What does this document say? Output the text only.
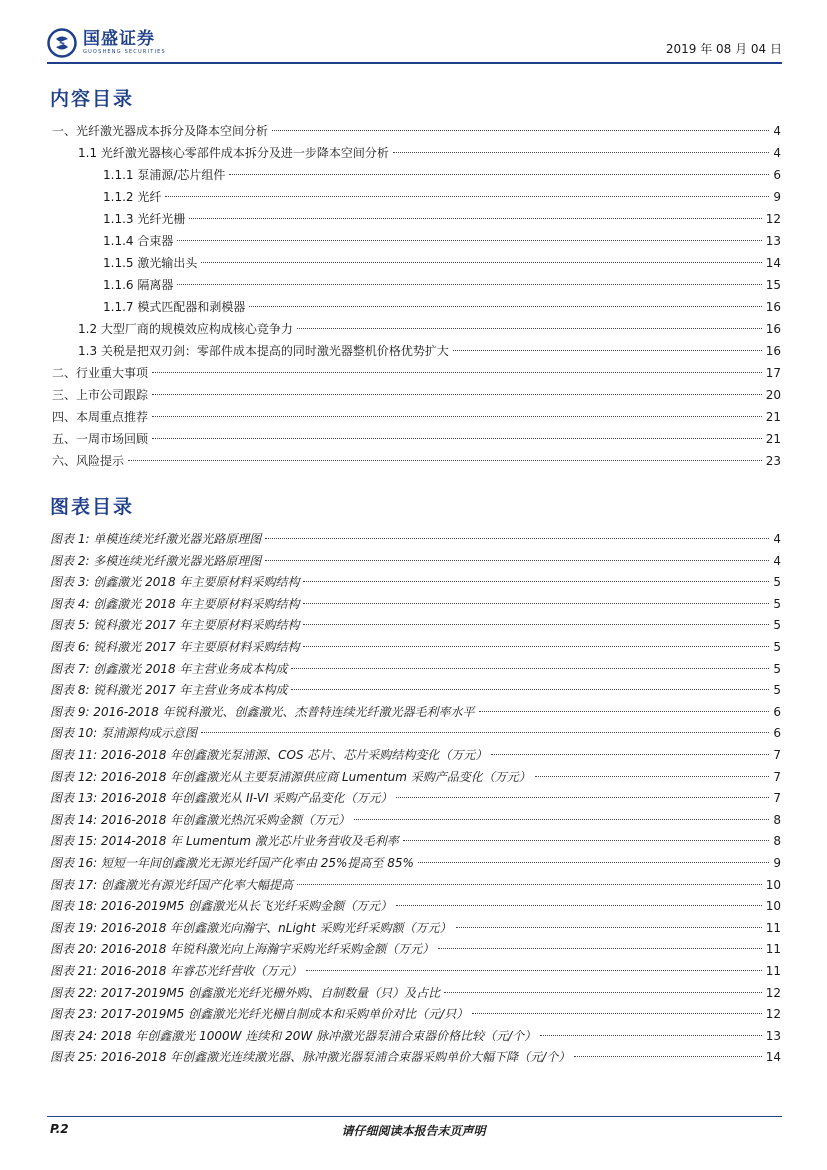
国盛证券
GUOSHENG SECURITIES	2019 年 08 月 04 日
内容目录
一、光纤激光器成本拆分及降本空间分析	4
1.1 光纤激光器核心零部件成本拆分及进一步降本空间分析	4
1.1.1 泵浦源/芯片组件	6
1.1.2 光纤	9
1.1.3 光纤光栅	12
1.1.4 合束器	13
1.1.5 激光输出头	14
1.1.6 隔离器	15
1.1.7 模式匹配器和剥模器	16
1.2 大型厂商的规模效应构成核心竞争力	16
1.3 关税是把双刃剑：零部件成本提高的同时激光器整机价格优势扩大	16
二、行业重大事项	17
三、上市公司跟踪	20
四、本周重点推荐	21
五、一周市场回顾	21
六、风险提示	23
图表目录
图表 1: 单模连续光纤激光器光路原理图	4
图表 2: 多模连续光纤激光器光路原理图	4
图表 3: 创鑫激光 2018 年主要原材料采购结构	5
图表 4: 创鑫激光 2018 年主要原材料采购结构	5
图表 5: 锐科激光 2017 年主要原材料采购结构	5
图表 6: 锐科激光 2017 年主要原材料采购结构	5
图表 7: 创鑫激光 2018 年主营业务成本构成	5
图表 8: 锐科激光 2017 年主营业务成本构成	5
图表 9: 2016-2018 年锐科激光、创鑫激光、杰普特连续光纤激光器毛利率水平	6
图表 10: 泵浦源构成示意图	6
图表 11: 2016-2018 年创鑫激光泵浦源、COS 芯片、芯片采购结构变化（万元）	7
图表 12: 2016-2018 年创鑫激光从主要泵浦源供应商 Lumentum 采购产品变化（万元）	7
图表 13: 2016-2018 年创鑫激光从 II-VI 采购产品变化（万元）	7
图表 14: 2016-2018 年创鑫激光热沉采购金额（万元）	8
图表 15: 2014-2018 年 Lumentum 激光芯片业务营收及毛利率	8
图表 16: 短短一年间创鑫激光无源光纤国产化率由 25%提高至 85%	9
图表 17: 创鑫激光有源光纤国产化率大幅提高	10
图表 18: 2016-2019M5 创鑫激光从长飞光纤采购金额（万元）	10
图表 19: 2016-2018 年创鑫激光向瀚宇、nLight 采购光纤采购额（万元）	11
图表 20: 2016-2018 年锐科激光向上海瀚宇采购光纤采购金额（万元）	11
图表 21: 2016-2018 年睿芯光纤营收（万元）	11
图表 22: 2017-2019M5 创鑫激光光纤光栅外购、自制数量（只）及占比	12
图表 23: 2017-2019M5 创鑫激光光纤光栅自制成本和采购单价对比（元/只）	12
图表 24: 2018 年创鑫激光 1000W 连续和 20W 脉冲激光器泵浦合束器价格比较（元/个）	13
图表 25: 2016-2018 年创鑫激光连续激光器、脉冲激光器泵浦合束器采购单价大幅下降（元/个）	14
P.2	请仔细阅读本报告末页声明
